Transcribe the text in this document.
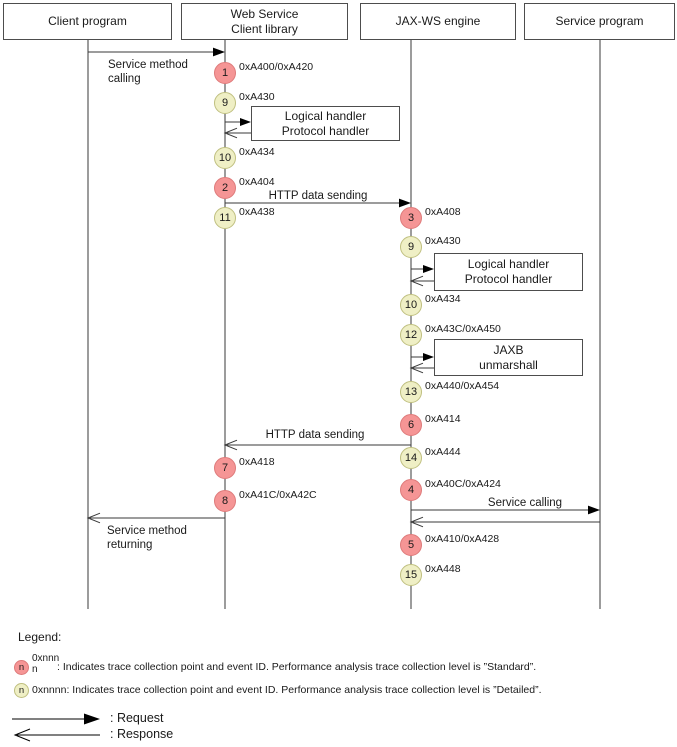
Client program
Web Service
Client library
JAX-WS engine	Service program
Logical handler
Protocol handler
Logical handler
Protocol handler
JAXB
unmarshall
Service method
calling
HTTP data sending
HTTP data sending
Service calling
Service method
returning
1	0xA400/0xA420
9	0xA430
10 0xA434
2	0xA404
11 0xA438	3	0xA408
9	0xA430
10 0xA434
12 0xA43C/0xA450
13 0xA440/0xA454
6	0xA414
14 0xA444
7	0xA418
8	0xA41C/0xA42C	4	0xA40C/0xA424
5	0xA410/0xA428
15 0xA448
Legend:
n
0xnnn
n	: Indicates trace collection point and event ID. Performance analysis trace collection level is ”Standard”.
n 0xnnnn: Indicates trace collection point and event ID. Performance analysis trace collection level is ”Detailed”.
: Request
: Response
